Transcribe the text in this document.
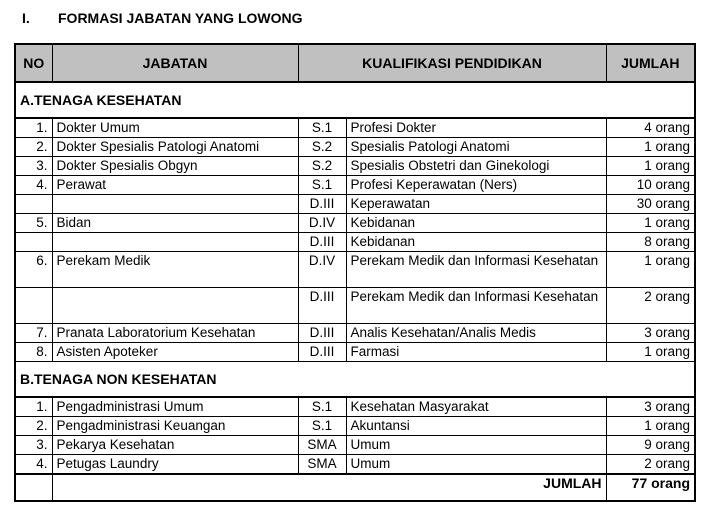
I. FORMASI JABATAN YANG LOWONG
NO	JABATAN	KUALIFIKASI PENDIDIKAN		JUMLAH
A.TENAGA KESEHATAN				
1.	Dokter Umum	S.1	Profesi Dokter	4 orang
2.	Dokter Spesialis Patologi Anatomi	S.2	Spesialis Patologi Anatomi	1 orang
3.	Dokter Spesialis Obgyn	S.2	Spesialis Obstetri dan Ginekologi	1 orang
4.	Perawat	S.1	Profesi Keperawatan (Ners)	10 orang
		D.III	Keperawatan	30 orang
5.	Bidan	D.IV	Kebidanan	1 orang
		D.III	Kebidanan	8 orang
6.	Perekam Medik	D.IV	Perekam Medik dan Informasi Kesehatan	1 orang
		D.III	Perekam Medik dan Informasi Kesehatan	2 orang
7.	Pranata Laboratorium Kesehatan	D.III	Analis Kesehatan/Analis Medis	3 orang
8.	Asisten Apoteker	D.III	Farmasi	1 orang
B.TENAGA NON KESEHATAN				
1.	Pengadministrasi Umum	S.1	Kesehatan Masyarakat	3 orang
2.	Pengadministrasi Keuangan	S.1	Akuntansi	1 orang
3.	Pekarya Kesehatan	SMA	Umum	9 orang
4.	Petugas Laundry	SMA	Umum	2 orang
	JUMLAH			77 orang
